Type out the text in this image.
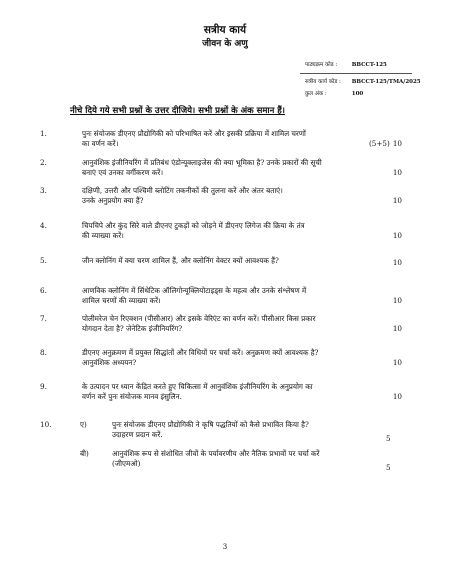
सत्रीय कार्य
जीवन के अणु
पाठ्यक्रम कोड :	BBCCT-125
सत्रीय कार्य कोड : BBCCT-125/TMA/2025
कुल अंक :	100
नीचे दिये गये सभी प्रश्नों के उत्तर दीजिये। सभी प्रश्नों के अंक समान हैं।
1.	पुनः संयोजक डीएनए प्रौद्योगिकी को परिभाषित करें और इसकी प्रक्रिया में शामिल चरणों
का वर्णन करें।	(5+5) 10
2.	आनुवंशिक इंजीनियरिंग में प्रतिबंध एंडोन्यूक्लाइजेस की क्या भूमिका है? उनके प्रकारों की सूची
बनाएं एवं उनका वर्गीकरण करें।	10
3.	दक्षिणी, उत्तरी और पश्चिमी ब्लोटिंग तकनीकों की तुलना करें और अंतर बताएं।
उनके अनुप्रयोग क्या हैं?	10
4.	चिपचिपे और कुंद सिरे वाले डीएनए टुकड़ों को जोड़ने में डीएनए लिगेज की क्रिया के तंत्र
की व्याख्या करें।	10
5.	जीन क्लोनिंग में क्या चरण शामिल हैं, और क्लोनिंग वेक्टर क्यों आवश्यक हैं?	10
6.	आणविक क्लोनिंग में सिंथेटिक ऑलिगोन्यूक्लियोटाइड्स के महत्व और उनके संश्लेषण में
शामिल चरणों की व्याख्या करें।	10
7.	पोलीमरेज चेन रिएक्शन (पीसीआर) और इसके वेरिएंट का वर्णन करें। पीसीआर किस प्रकार
योगदान देता है? जेनेटिक इंजीनियरिंग?	10
8.	डीएनए अनुक्रमण में प्रयुक्त सिद्धांतों और विधियों पर चर्चा करें। अनुक्रमण क्यों आवश्यक है?
आनुवंशिक अध्ययन?	10
9.	के उत्पादन पर ध्यान केंद्रित करते हुए चिकित्सा में आनुवंशिक इंजीनियरिंग के अनुप्रयोग का
वर्णन करें पुनः संयोजक मानव इंसुलिन.	10
10.	ए)	पुनः संयोजक डीएनए प्रौद्योगिकी ने कृषि पद्धतियों को कैसे प्रभावित किया है?
उदाहरण प्रदान करें.	5
बी)	आनुवंशिक रूप से संशोधित जीवों के पर्यावरणीय और नैतिक प्रभावों पर चर्चा करें
(जीएमओ)	5
3
